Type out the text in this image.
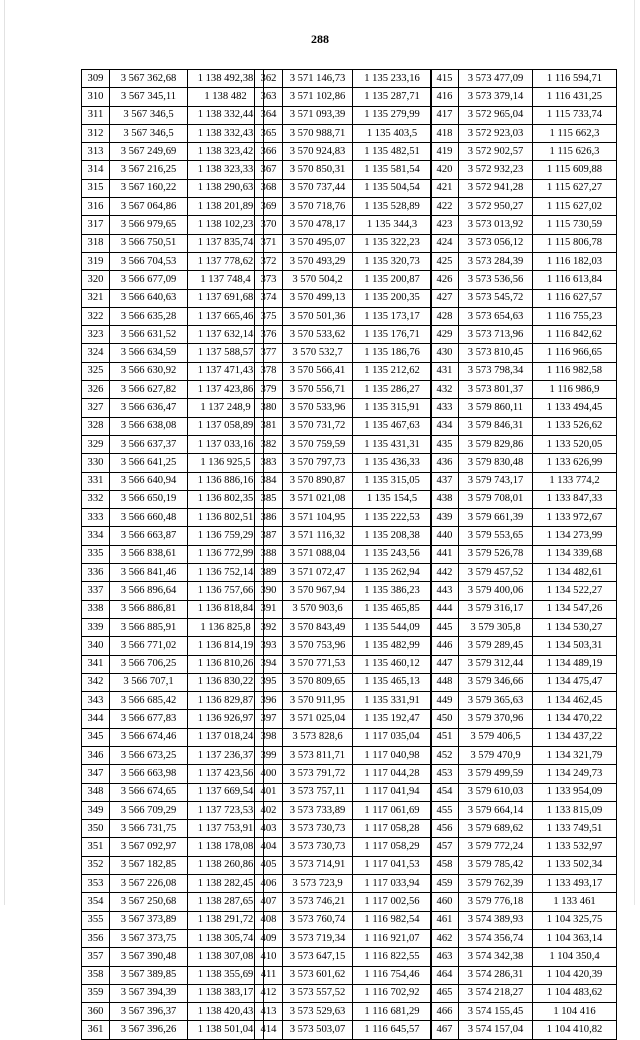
288
309	3 567 362,68	1 138 492,38
310	3 567 345,11	1 138 482
311	3 567 346,5	1 138 332,44
312	3 567 346,5	1 138 332,43
313	3 567 249,69	1 138 323,42
314	3 567 216,25	1 138 323,33
315	3 567 160,22	1 138 290,63
316	3 567 064,86	1 138 201,89
317	3 566 979,65	1 138 102,23
318	3 566 750,51	1 137 835,74
319	3 566 704,53	1 137 778,62
320	3 566 677,09	1 137 748,4
321	3 566 640,63	1 137 691,68
322	3 566 635,28	1 137 665,46
323	3 566 631,52	1 137 632,14
324	3 566 634,59	1 137 588,57
325	3 566 630,92	1 137 471,43
326	3 566 627,82	1 137 423,86
327	3 566 636,47	1 137 248,9
328	3 566 638,08	1 137 058,89
329	3 566 637,37	1 137 033,16
330	3 566 641,25	1 136 925,5
331	3 566 640,94	1 136 886,16
332	3 566 650,19	1 136 802,35
333	3 566 660,48	1 136 802,51
334	3 566 663,87	1 136 759,29
335	3 566 838,61	1 136 772,99
336	3 566 841,46	1 136 752,14
337	3 566 896,64	1 136 757,66
338	3 566 886,81	1 136 818,84
339	3 566 885,91	1 136 825,8
340	3 566 771,02	1 136 814,19
341	3 566 706,25	1 136 810,26
342	3 566 707,1	1 136 830,22
343	3 566 685,42	1 136 829,87
344	3 566 677,83	1 136 926,97
345	3 566 674,46	1 137 018,24
346	3 566 673,25	1 137 236,37
347	3 566 663,98	1 137 423,56
348	3 566 674,65	1 137 669,54
349	3 566 709,29	1 137 723,53
350	3 566 731,75	1 137 753,91
351	3 567 092,97	1 138 178,08
352	3 567 182,85	1 138 260,86
353	3 567 226,08	1 138 282,45
354	3 567 250,68	1 138 287,65
355	3 567 373,89	1 138 291,72
356	3 567 373,75	1 138 305,74
357	3 567 390,48	1 138 307,08
358	3 567 389,85	1 138 355,69
359	3 567 394,39	1 138 383,17
360	3 567 396,37	1 138 420,43
361	3 567 396,26	1 138 501,04
362	3 571 146,73	1 135 233,16
363	3 571 102,86	1 135 287,71
364	3 571 093,39	1 135 279,99
365	3 570 988,71	1 135 403,5
366	3 570 924,83	1 135 482,51
367	3 570 850,31	1 135 581,54
368	3 570 737,44	1 135 504,54
369	3 570 718,76	1 135 528,89
370	3 570 478,17	1 135 344,3
371	3 570 495,07	1 135 322,23
372	3 570 493,29	1 135 320,73
373	3 570 504,2	1 135 200,87
374	3 570 499,13	1 135 200,35
375	3 570 501,36	1 135 173,17
376	3 570 533,62	1 135 176,71
377	3 570 532,7	1 135 186,76
378	3 570 566,41	1 135 212,62
379	3 570 556,71	1 135 286,27
380	3 570 533,96	1 135 315,91
381	3 570 731,72	1 135 467,63
382	3 570 759,59	1 135 431,31
383	3 570 797,73	1 135 436,33
384	3 570 890,87	1 135 315,05
385	3 571 021,08	1 135 154,5
386	3 571 104,95	1 135 222,53
387	3 571 116,32	1 135 208,38
388	3 571 088,04	1 135 243,56
389	3 571 072,47	1 135 262,94
390	3 570 967,94	1 135 386,23
391	3 570 903,6	1 135 465,85
392	3 570 843,49	1 135 544,09
393	3 570 753,96	1 135 482,99
394	3 570 771,53	1 135 460,12
395	3 570 809,65	1 135 465,13
396	3 570 911,95	1 135 331,91
397	3 571 025,04	1 135 192,47
398	3 573 828,6	1 117 035,04
399	3 573 811,71	1 117 040,98
400	3 573 791,72	1 117 044,28
401	3 573 757,11	1 117 041,94
402	3 573 733,89	1 117 061,69
403	3 573 730,73	1 117 058,28
404	3 573 730,73	1 117 058,29
405	3 573 714,91	1 117 041,53
406	3 573 723,9	1 117 033,94
407	3 573 746,21	1 117 002,56
408	3 573 760,74	1 116 982,54
409	3 573 719,34	1 116 921,07
410	3 573 647,15	1 116 822,55
411	3 573 601,62	1 116 754,46
412	3 573 557,52	1 116 702,92
413	3 573 529,63	1 116 681,29
414	3 573 503,07	1 116 645,57
415	3 573 477,09	1 116 594,71
416	3 573 379,14	1 116 431,25
417	3 572 965,04	1 115 733,74
418	3 572 923,03	1 115 662,3
419	3 572 902,57	1 115 626,3
420	3 572 932,23	1 115 609,88
421	3 572 941,28	1 115 627,27
422	3 572 950,27	1 115 627,02
423	3 573 013,92	1 115 730,59
424	3 573 056,12	1 115 806,78
425	3 573 284,39	1 116 182,03
426	3 573 536,56	1 116 613,84
427	3 573 545,72	1 116 627,57
428	3 573 654,63	1 116 755,23
429	3 573 713,96	1 116 842,62
430	3 573 810,45	1 116 966,65
431	3 573 798,34	1 116 982,58
432	3 573 801,37	1 116 986,9
433	3 579 860,11	1 133 494,45
434	3 579 846,31	1 133 526,62
435	3 579 829,86	1 133 520,05
436	3 579 830,48	1 133 626,99
437	3 579 743,17	1 133 774,2
438	3 579 708,01	1 133 847,33
439	3 579 661,39	1 133 972,67
440	3 579 553,65	1 134 273,99
441	3 579 526,78	1 134 339,68
442	3 579 457,52	1 134 482,61
443	3 579 400,06	1 134 522,27
444	3 579 316,17	1 134 547,26
445	3 579 305,8	1 134 530,27
446	3 579 289,45	1 134 503,31
447	3 579 312,44	1 134 489,19
448	3 579 346,66	1 134 475,47
449	3 579 365,63	1 134 462,45
450	3 579 370,96	1 134 470,22
451	3 579 406,5	1 134 437,22
452	3 579 470,9	1 134 321,79
453	3 579 499,59	1 134 249,73
454	3 579 610,03	1 133 954,09
455	3 579 664,14	1 133 815,09
456	3 579 689,62	1 133 749,51
457	3 579 772,24	1 133 532,97
458	3 579 785,42	1 133 502,34
459	3 579 762,39	1 133 493,17
460	3 579 776,18	1 133 461
461	3 574 389,93	1 104 325,75
462	3 574 356,74	1 104 363,14
463	3 574 342,38	1 104 350,4
464	3 574 286,31	1 104 420,39
465	3 574 218,27	1 104 483,62
466	3 574 155,45	1 104 416
467	3 574 157,04	1 104 410,82
